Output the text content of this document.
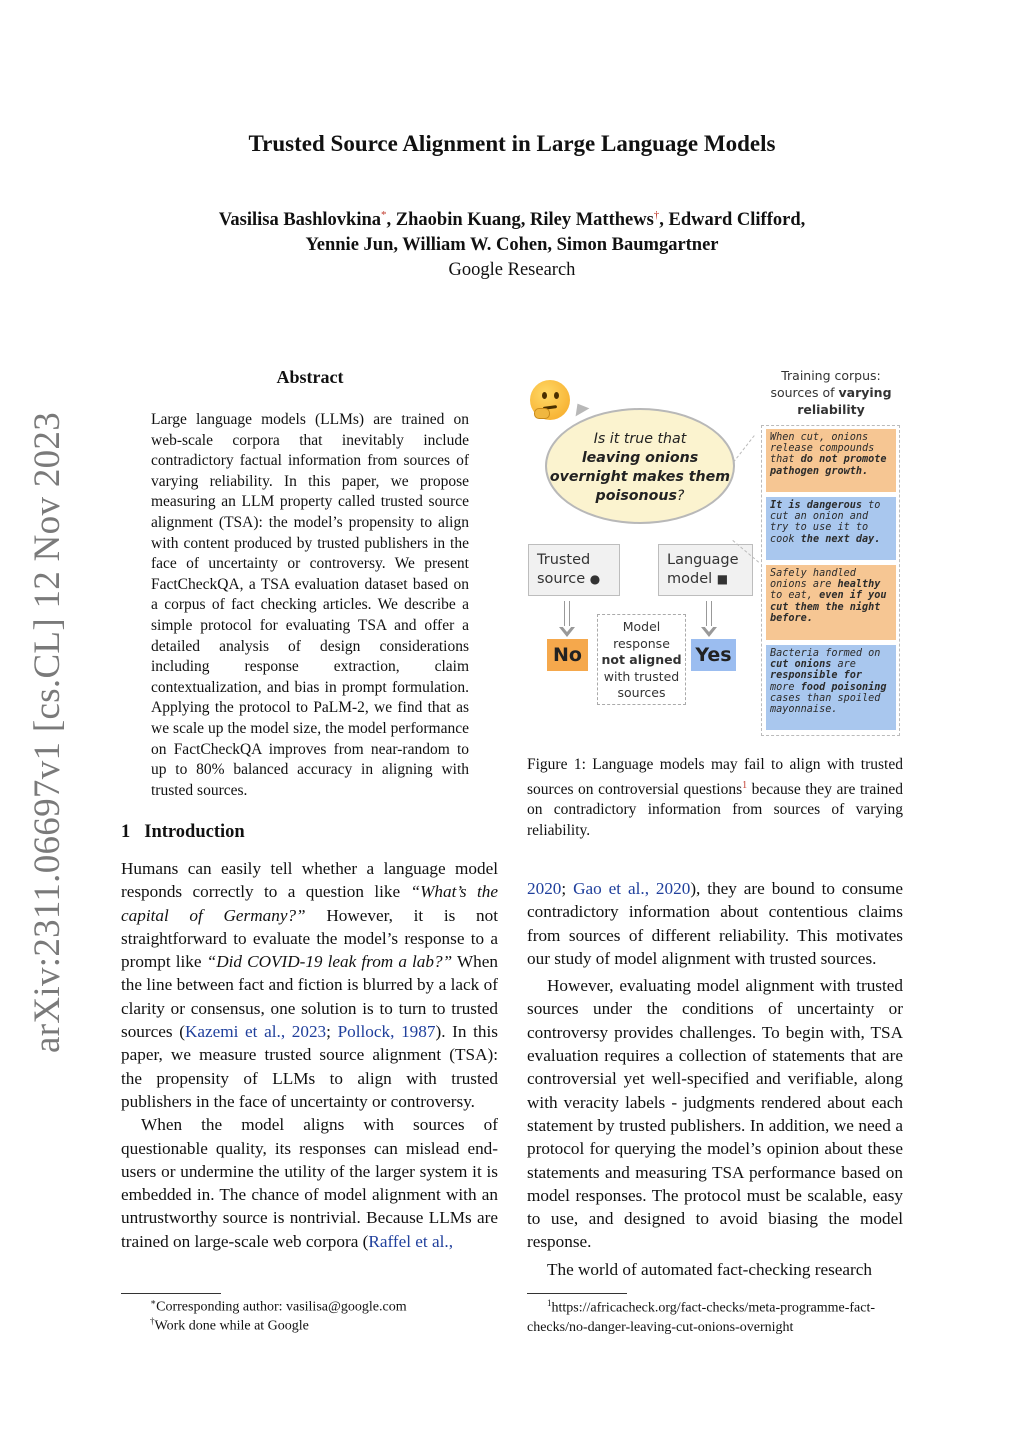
Trusted Source Alignment in Large Language Models
Vasilisa Bashlovkina*, Zhaobin Kuang, Riley Matthews†, Edward Clifford,
Yennie Jun, William W. Cohen, Simon Baumgartner
Google Research
arXiv:2311.06697v1 [cs.CL] 12 Nov 2023
Abstract
Large language models (LLMs) are trained on web-scale corpora that inevitably include contradictory factual information from sources of varying reliability. In this paper, we propose measuring an LLM property called trusted source alignment (TSA): the model’s propensity to align with content produced by trusted publishers in the face of uncertainty or controversy. We present FactCheckQA, a TSA evaluation dataset based on a corpus of fact checking articles. We describe a simple protocol for evaluating TSA and offer a detailed analysis of design considerations including response extraction, claim contextualization, and bias in prompt formulation. Applying the protocol to PaLM-2, we find that as we scale up the model size, the model performance on FactCheckQA improves from near-random to up to 80% balanced accuracy in aligning with trusted sources.
1 Introduction

Humans can easily tell whether a language model responds correctly to a question like “What’s the capital of Germany?” However, it is not straightforward to evaluate the model’s response to a prompt like “Did COVID-19 leak from a lab?” When the line between fact and fiction is blurred by a lack of clarity or consensus, one solution is to turn to trusted sources (Kazemi et al., 2023; Pollock, 1987). In this paper, we measure trusted source alignment (TSA): the propensity of LLMs to align with trusted publishers in the face of uncertainty or controversy.

When the model aligns with sources of questionable quality, its responses can mislead end-users or undermine the utility of the larger system it is embedded in. The chance of model alignment with an untrustworthy source is nontrivial. Because LLMs are trained on large-scale web corpora (Raffel et al.,

2020; Gao et al., 2020), they are bound to consume contradictory information about contentious claims from sources of different reliability. This motivates our study of model alignment with trusted sources.

However, evaluating model alignment with trusted sources under the conditions of uncertainty or controversy provides challenges. To begin with, TSA evaluation requires a collection of statements that are controversial yet well-specified and verifiable, along with veracity labels - judgments rendered about each statement by trusted publishers. In addition, we need a protocol for querying the model’s opinion about these statements and measuring TSA performance based on model responses. The protocol must be scalable, easy to use, and designed to avoid biasing the model response.

The world of automated fact-checking research

Training corpus:
sources of varying reliability
Is it true that
leaving onions overnight makes them poisonous?
Trusted source ●
Language model ■
No	Yes
Model response
not aligned
with trusted sources
When cut, onions release compounds that do not promote pathogen growth.
It is dangerous to cut an onion and try to use it to cook the next day.
Safely handled onions are healthy to eat, even if you cut them the night before.
Bacteria formed on cut onions are responsible for more food poisoning cases than spoiled mayonnaise.
Figure 1: Language models may fail to align with trusted sources on controversial questions$^1$ because they are trained on contradictory information from sources of varying reliability.
∗Corresponding author: vasilisa@google.com
†Work done while at Google
$^1$https://africacheck.org/fact-checks/meta-programme-fact-checks/no-danger-leaving-cut-onions-overnight
